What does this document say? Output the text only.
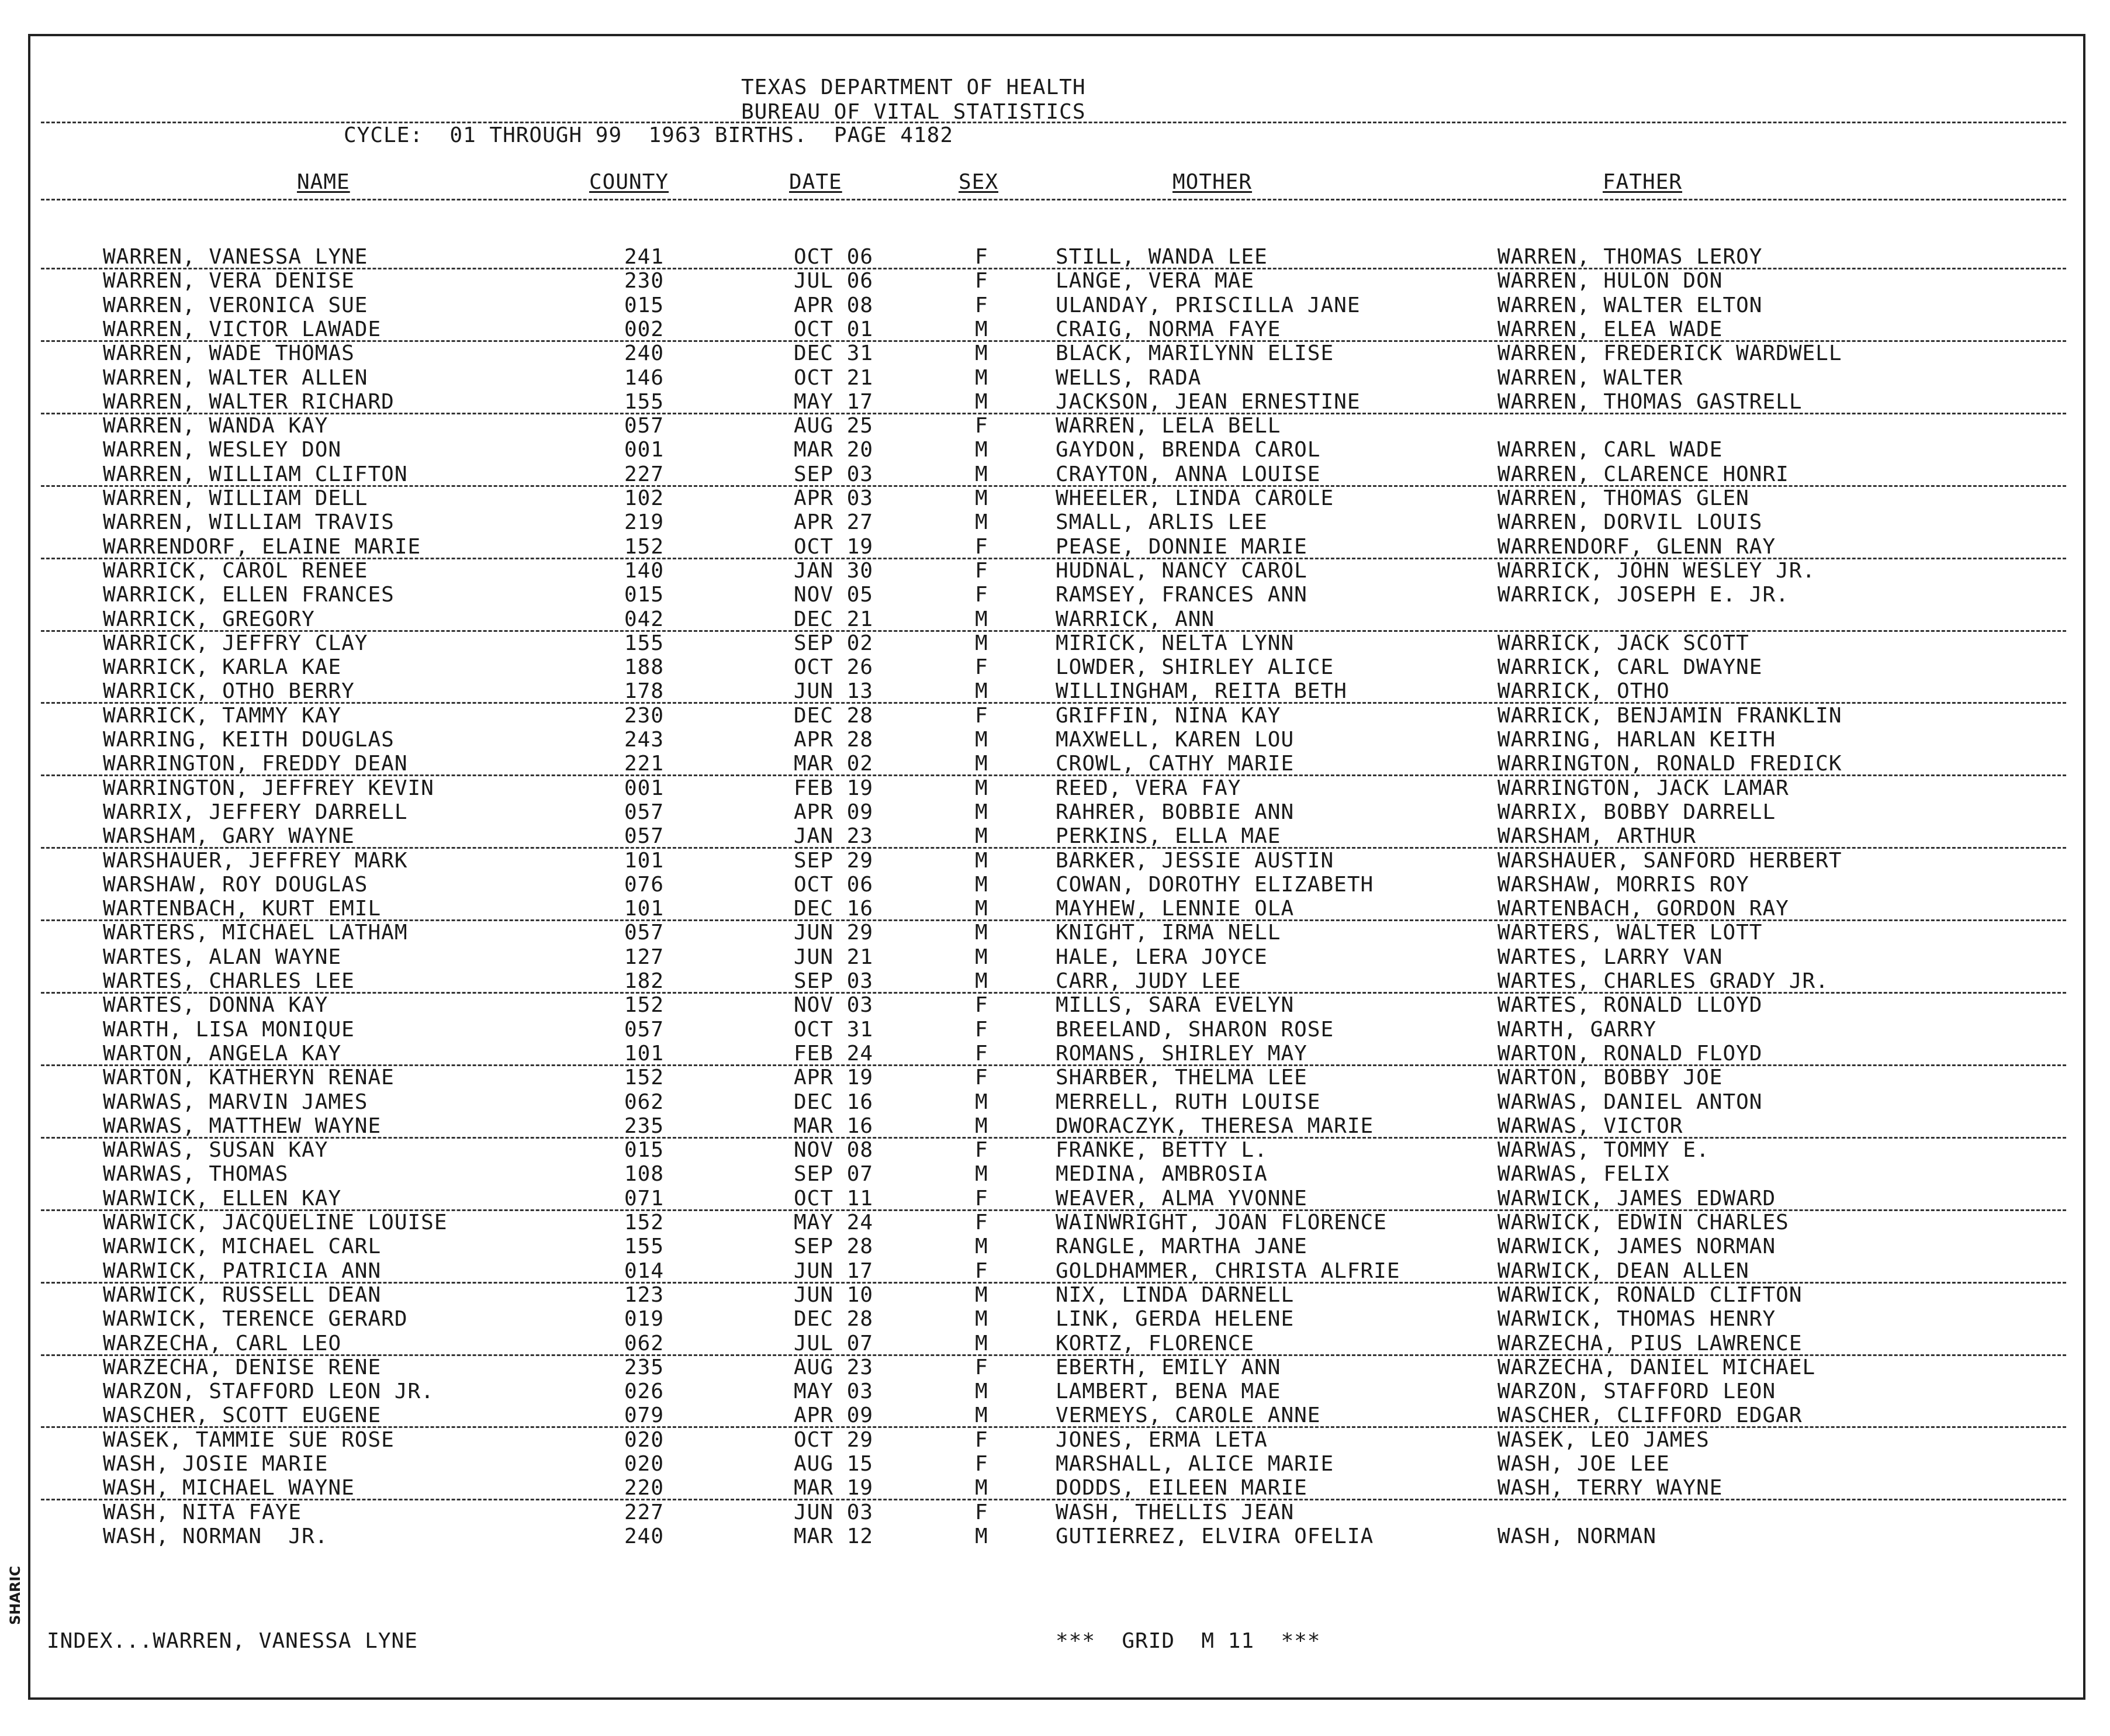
TEXAS DEPARTMENT OF HEALTH
BUREAU OF VITAL STATISTICS
CYCLE:  01 THROUGH 99  1963 BIRTHS.  PAGE 4182
NAME	COUNTY	DATE	SEX	MOTHER	FATHER
WARREN, VANESSA LYNE	241	OCT 06	F	STILL, WANDA LEE	WARREN, THOMAS LEROY
WARREN, VERA DENISE	230	JUL 06	F	LANGE, VERA MAE	WARREN, HULON DON
WARREN, VERONICA SUE	015	APR 08	F	ULANDAY, PRISCILLA JANE	WARREN, WALTER ELTON
WARREN, VICTOR LAWADE	002	OCT 01	M	CRAIG, NORMA FAYE	WARREN, ELEA WADE
WARREN, WADE THOMAS	240	DEC 31	M	BLACK, MARILYNN ELISE	WARREN, FREDERICK WARDWELL
WARREN, WALTER ALLEN	146	OCT 21	M	WELLS, RADA	WARREN, WALTER
WARREN, WALTER RICHARD	155	MAY 17	M	JACKSON, JEAN ERNESTINE	WARREN, THOMAS GASTRELL
WARREN, WANDA KAY	057	AUG 25	F	WARREN, LELA BELL
WARREN, WESLEY DON	001	MAR 20	M	GAYDON, BRENDA CAROL	WARREN, CARL WADE
WARREN, WILLIAM CLIFTON	227	SEP 03	M	CRAYTON, ANNA LOUISE	WARREN, CLARENCE HONRI
WARREN, WILLIAM DELL	102	APR 03	M	WHEELER, LINDA CAROLE	WARREN, THOMAS GLEN
WARREN, WILLIAM TRAVIS	219	APR 27	M	SMALL, ARLIS LEE	WARREN, DORVIL LOUIS
WARRENDORF, ELAINE MARIE	152	OCT 19	F	PEASE, DONNIE MARIE	WARRENDORF, GLENN RAY
WARRICK, CAROL RENEE	140	JAN 30	F	HUDNAL, NANCY CAROL	WARRICK, JOHN WESLEY JR.
WARRICK, ELLEN FRANCES	015	NOV 05	F	RAMSEY, FRANCES ANN	WARRICK, JOSEPH E. JR.
WARRICK, GREGORY	042	DEC 21	M	WARRICK, ANN
WARRICK, JEFFRY CLAY	155	SEP 02	M	MIRICK, NELTA LYNN	WARRICK, JACK SCOTT
WARRICK, KARLA KAE	188	OCT 26	F	LOWDER, SHIRLEY ALICE	WARRICK, CARL DWAYNE
WARRICK, OTHO BERRY	178	JUN 13	M	WILLINGHAM, REITA BETH	WARRICK, OTHO
WARRICK, TAMMY KAY	230	DEC 28	F	GRIFFIN, NINA KAY	WARRICK, BENJAMIN FRANKLIN
WARRING, KEITH DOUGLAS	243	APR 28	M	MAXWELL, KAREN LOU	WARRING, HARLAN KEITH
WARRINGTON, FREDDY DEAN	221	MAR 02	M	CROWL, CATHY MARIE	WARRINGTON, RONALD FREDICK
WARRINGTON, JEFFREY KEVIN	001	FEB 19	M	REED, VERA FAY	WARRINGTON, JACK LAMAR
WARRIX, JEFFERY DARRELL	057	APR 09	M	RAHRER, BOBBIE ANN	WARRIX, BOBBY DARRELL
WARSHAM, GARY WAYNE	057	JAN 23	M	PERKINS, ELLA MAE	WARSHAM, ARTHUR
WARSHAUER, JEFFREY MARK	101	SEP 29	M	BARKER, JESSIE AUSTIN	WARSHAUER, SANFORD HERBERT
WARSHAW, ROY DOUGLAS	076	OCT 06	M	COWAN, DOROTHY ELIZABETH	WARSHAW, MORRIS ROY
WARTENBACH, KURT EMIL	101	DEC 16	M	MAYHEW, LENNIE OLA	WARTENBACH, GORDON RAY
WARTERS, MICHAEL LATHAM	057	JUN 29	M	KNIGHT, IRMA NELL	WARTERS, WALTER LOTT
WARTES, ALAN WAYNE	127	JUN 21	M	HALE, LERA JOYCE	WARTES, LARRY VAN
WARTES, CHARLES LEE	182	SEP 03	M	CARR, JUDY LEE	WARTES, CHARLES GRADY JR.
WARTES, DONNA KAY	152	NOV 03	F	MILLS, SARA EVELYN	WARTES, RONALD LLOYD
WARTH, LISA MONIQUE	057	OCT 31	F	BREELAND, SHARON ROSE	WARTH, GARRY
WARTON, ANGELA KAY	101	FEB 24	F	ROMANS, SHIRLEY MAY	WARTON, RONALD FLOYD
WARTON, KATHERYN RENAE	152	APR 19	F	SHARBER, THELMA LEE	WARTON, BOBBY JOE
WARWAS, MARVIN JAMES	062	DEC 16	M	MERRELL, RUTH LOUISE	WARWAS, DANIEL ANTON
WARWAS, MATTHEW WAYNE	235	MAR 16	M	DWORACZYK, THERESA MARIE	WARWAS, VICTOR
WARWAS, SUSAN KAY	015	NOV 08	F	FRANKE, BETTY L.	WARWAS, TOMMY E.
WARWAS, THOMAS	108	SEP 07	M	MEDINA, AMBROSIA	WARWAS, FELIX
WARWICK, ELLEN KAY	071	OCT 11	F	WEAVER, ALMA YVONNE	WARWICK, JAMES EDWARD
WARWICK, JACQUELINE LOUISE	152	MAY 24	F	WAINWRIGHT, JOAN FLORENCE	WARWICK, EDWIN CHARLES
WARWICK, MICHAEL CARL	155	SEP 28	M	RANGLE, MARTHA JANE	WARWICK, JAMES NORMAN
WARWICK, PATRICIA ANN	014	JUN 17	F	GOLDHAMMER, CHRISTA ALFRIE	WARWICK, DEAN ALLEN
WARWICK, RUSSELL DEAN	123	JUN 10	M	NIX, LINDA DARNELL	WARWICK, RONALD CLIFTON
WARWICK, TERENCE GERARD	019	DEC 28	M	LINK, GERDA HELENE	WARWICK, THOMAS HENRY
WARZECHA, CARL LEO	062	JUL 07	M	KORTZ, FLORENCE	WARZECHA, PIUS LAWRENCE
WARZECHA, DENISE RENE	235	AUG 23	F	EBERTH, EMILY ANN	WARZECHA, DANIEL MICHAEL
WARZON, STAFFORD LEON JR.	026	MAY 03	M	LAMBERT, BENA MAE	WARZON, STAFFORD LEON
WASCHER, SCOTT EUGENE	079	APR 09	M	VERMEYS, CAROLE ANNE	WASCHER, CLIFFORD EDGAR
WASEK, TAMMIE SUE ROSE	020	OCT 29	F	JONES, ERMA LETA	WASEK, LEO JAMES
WASH, JOSIE MARIE	020	AUG 15	F	MARSHALL, ALICE MARIE	WASH, JOE LEE
WASH, MICHAEL WAYNE	220	MAR 19	M	DODDS, EILEEN MARIE	WASH, TERRY WAYNE
WASH, NITA FAYE	227	JUN 03	F	WASH, THELLIS JEAN
WASH, NORMAN  JR.	240	MAR 12	M	GUTIERREZ, ELVIRA OFELIA	WASH, NORMAN
INDEX...WARREN, VANESSA LYNE	***  GRID  M 11  ***
SHARIC
